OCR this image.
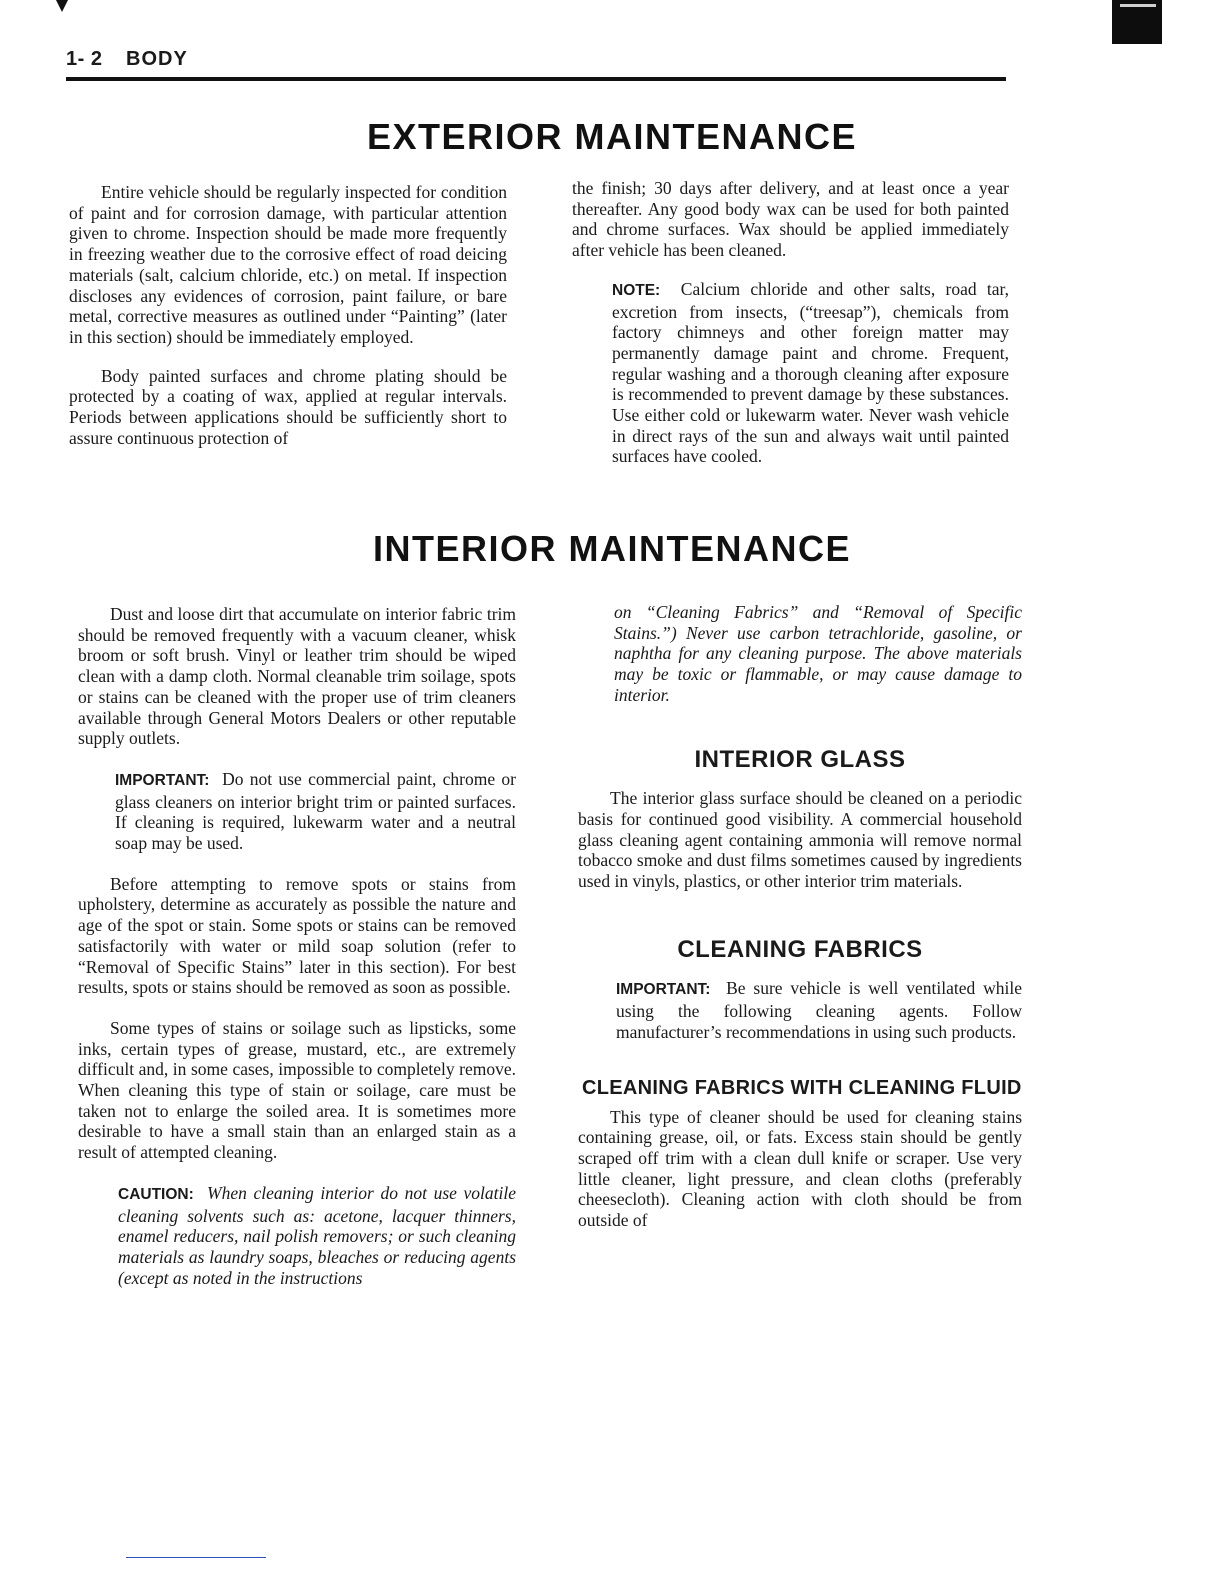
1- 2 BODY
EXTERIOR MAINTENANCE

Entire vehicle should be regularly inspected for condition of paint and for corrosion damage, with particular attention given to chrome. Inspection should be made more frequently in freezing weather due to the corrosive effect of road deicing materials (salt, calcium chloride, etc.) on metal. If inspection discloses any evidences of corrosion, paint failure, or bare metal, corrective measures as outlined under “Painting” (later in this section) should be immediately employed.

Body painted surfaces and chrome plating should be protected by a coating of wax, applied at regular intervals. Periods between applications should be sufficiently short to assure continuous protection of

the finish; 30 days after delivery, and at least once a year thereafter. Any good body wax can be used for both painted and chrome surfaces. Wax should be applied immediately after vehicle has been cleaned.

NOTE: Calcium chloride and other salts, road tar, excretion from insects, (“treesap”), chemicals from factory chimneys and other foreign matter may permanently damage paint and chrome. Frequent, regular washing and a thorough cleaning after exposure is recommended to prevent damage by these substances. Use either cold or lukewarm water. Never wash vehicle in direct rays of the sun and always wait until painted surfaces have cooled.

INTERIOR MAINTENANCE

Dust and loose dirt that accumulate on interior fabric trim should be removed frequently with a vacuum cleaner, whisk broom or soft brush. Vinyl or leather trim should be wiped clean with a damp cloth. Normal cleanable trim soilage, spots or stains can be cleaned with the proper use of trim cleaners available through General Motors Dealers or other reputable supply outlets.

IMPORTANT: Do not use commercial paint, chrome or glass cleaners on interior bright trim or painted surfaces. If cleaning is required, lukewarm water and a neutral soap may be used.

Before attempting to remove spots or stains from upholstery, determine as accurately as possible the nature and age of the spot or stain. Some spots or stains can be removed satisfactorily with water or mild soap solution (refer to “Removal of Specific Stains” later in this section). For best results, spots or stains should be removed as soon as possible.

Some types of stains or soilage such as lipsticks, some inks, certain types of grease, mustard, etc., are extremely difficult and, in some cases, impossible to completely remove. When cleaning this type of stain or soilage, care must be taken not to enlarge the soiled area. It is sometimes more desirable to have a small stain than an enlarged stain as a result of attempted cleaning.

CAUTION: When cleaning interior do not use volatile cleaning solvents such as: acetone, lacquer thinners, enamel reducers, nail polish removers; or such cleaning materials as laundry soaps, bleaches or reducing agents (except as noted in the instructions

on “Cleaning Fabrics” and “Removal of Specific Stains.”) Never use carbon tetrachloride, gasoline, or naphtha for any cleaning purpose. The above materials may be toxic or flammable, or may cause damage to interior.

INTERIOR GLASS

The interior glass surface should be cleaned on a periodic basis for continued good visibility. A commercial household glass cleaning agent containing ammonia will remove normal tobacco smoke and dust films sometimes caused by ingredients used in vinyls, plastics, or other interior trim materials.

CLEANING FABRICS

IMPORTANT: Be sure vehicle is well ventilated while using the following cleaning agents. Follow manufacturer’s recommendations in using such products.

CLEANING FABRICS WITH CLEANING FLUID

This type of cleaner should be used for cleaning stains containing grease, oil, or fats. Excess stain should be gently scraped off trim with a clean dull knife or scraper. Use very little cleaner, light pressure, and clean cloths (preferably cheesecloth). Cleaning action with cloth should be from outside of
